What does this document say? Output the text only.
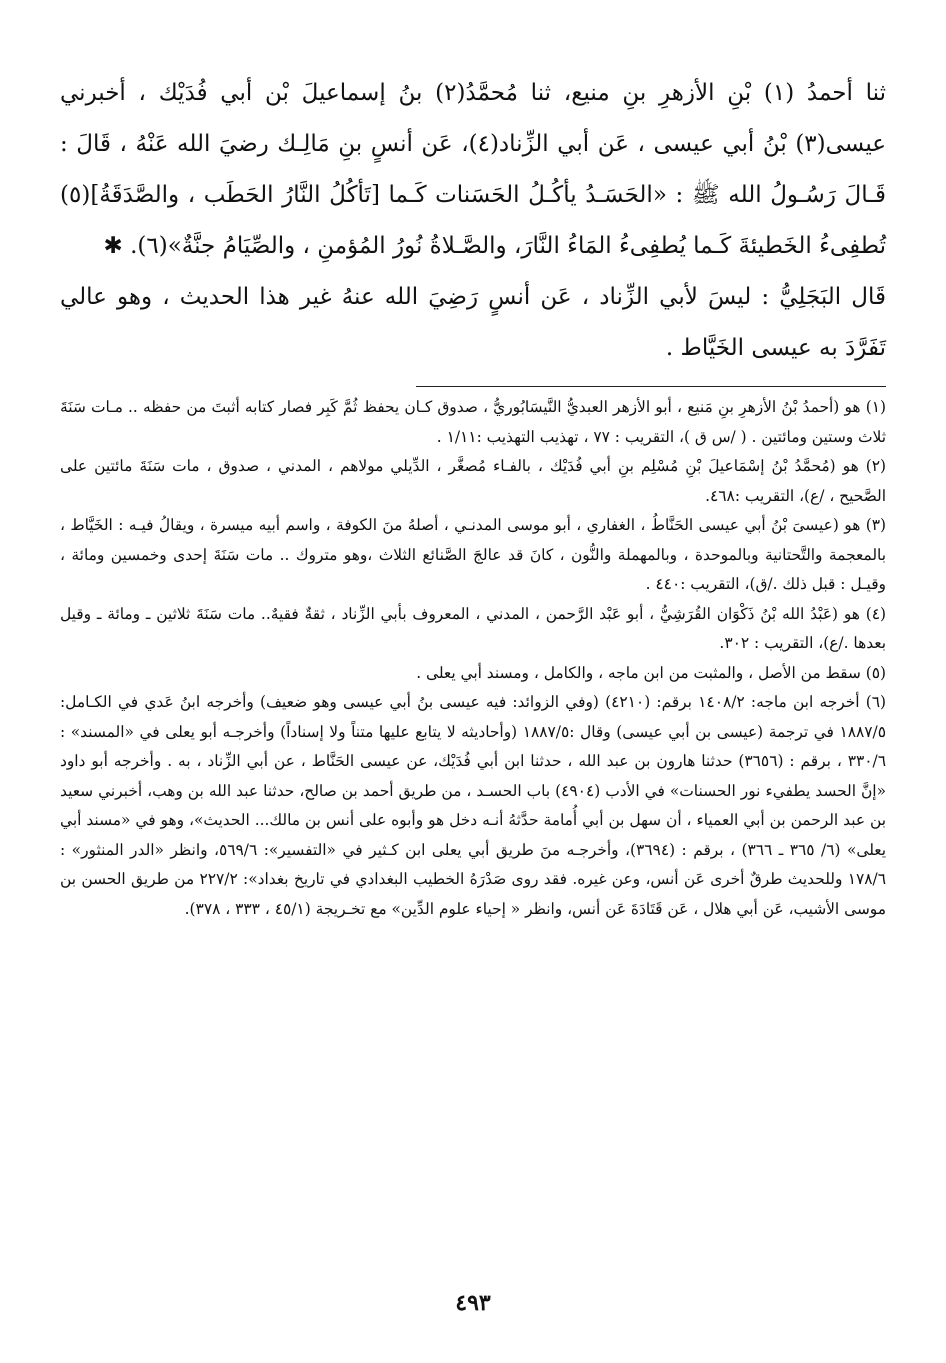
ثنا أحمدُ (١) بْنِ الأزهرِ بنِ منيع، ثنا مُحمَّدُ(٢) بنُ إسماعيلَ بْن أبي فُدَيْك ، أخبرني عيسى(٣) بْنُ أبي عيسى ، عَن أبي الزِّناد(٤)، عَن أنسٍ بنِ مَالِـك رضيَ الله عَنْهُ ، قَالَ : قَـالَ رَسُـولُ الله ﷺ : «الحَسَـدُ يأكُـلُ الحَسَنات كَـما [تَأكُلُ النَّارُ الحَطَب ، والصَّدَقَةُ](٥) تُطفِىءُ الخَطيئةَ كَـما يُطفِىءُ المَاءُ النَّارَ، والصَّـلاةُ نُورُ المُؤمنِ ، والصِّيَامُ جنَّةٌ»(٦). ✱

قَال البَجَلِيُّ : ليسَ لأبي الزِّناد ، عَن أنسٍ رَضِيَ الله عنهُ غير هذا الحديث ، وهو عالي تَفَرَّدَ به عيسى الخَيَّاط .

(١) هو (أحمدُ بْنُ الأزهرِ بنِ مَنيع ، أبو الأزهر العبديُّ النَّيسَابُوريُّ ، صدوق كـان يحفظ ثُمَّ كَبِر فصار كتابه أثبتَ من حفظه .. مـات سَنَةَ ثلاث وستين ومائتين . ( /س ق )، التقريب : ٧٧ ، تهذيب التهذيب :١/١١ .

(٢) هو (مُحمَّدُ بْنُ إسْمَاعيلَ بْنِ مُسْلِم بنِ أبي فُدَيْك ، بالفـاء مُصغَّر ، الدِّيلي مولاهم ، المدني ، صدوق ، مات سَنَةَ مائتين على الصَّحيح ، /ع)، التقريب :٤٦٨.

(٣) هو (عيسىَ بْنُ أبي عيسى الحَنَّاطُ ، الغفاري ، أبو موسى المدنـي ، أصلهُ منَ الكوفة ، واسم أبيه ميسرة ، ويقالُ فيـه : الخَيَّاط ، بالمعجمة والتَّحتانية وبالموحدة ، وبالمهملة والنُّون ، كانَ قد عالجَ الصَّنائع الثلاث ،وهو متروك .. مات سَنَةَ إحدى وخمسين ومائة ، وقيـل : قبل ذلك ./ق)، التقريب :٤٤٠ .

(٤) هو (عَبْدُ الله بْنُ ذَكْوَان القُرَشِيُّ ، أبو عَبْد الرَّحمن ، المدني ، المعروف بأبي الزِّناد ، ثقةٌ فقيهٌ.. مات سَنَةَ ثلاثين ـ ومائة ـ وقيل بعدها ./ع)، التقريب : ٣٠٢.

(٥) سقط من الأصل ، والمثبت من ابن ماجه ، والكامل ، ومسند أبي يعلى .

(٦) أخرجه ابن ماجه: ١٤٠٨/٢ برقم: (٤٢١٠) (وفي الزوائد: فيه عيسى بنُ أبي عيسى وهو ضعيف) وأخرجه ابنُ عَدي في الكـامل: ١٨٨٧/٥ في ترجمة (عيسى بن أبي عيسى) وقال :١٨٨٧/٥ (وأحاديثه لا يتابع عليها متناً ولا إسناداً) وأخرجـه أبو يعلى في «المسند» : ٣٣٠/٦ ، برقم : (٣٦٥٦) حدثنا هارون بن عبد الله ، حدثنا ابن أبي فُدَيْك، عن عيسى الحَنَّاط ، عن أبي الزِّناد ، به . وأخرجه أبو داود «إنَّ الحسد يطفيء نور الحسنات» في الأدب (٤٩٠٤) باب الحسـد ، من طريق أحمد بن صالح، حدثنا عبد الله بن وهب، أخبرني سعيد بن عبد الرحمن بن أبي العمياء ، أن سهل بن أبي أُمامة حدَّثهُ أنـه دخل هو وأبوه على أنس بن مالك... الحديث»، وهو في «مسند أبي يعلى» (٦/ ٣٦٥ ـ ٣٦٦) ، برقم : (٣٦٩٤)، وأخرجـه منَ طريق أبي يعلى ابن كـثير في «التفسير»: ٥٦٩/٦، وانظر «الدر المنثور» : ١٧٨/٦ وللحديث طرقٌ أخرى عَن أنس، وعن غيره. فقد روى صَدْرَهُ الخطيب البغدادي في تاريخ بغداد»: ٢٢٧/٢ من طريق الحسن بن موسى الأشيب، عَن أبي هلال ، عَن قَتَادَةَ عَن أنس، وانظر « إحياء علوم الدِّين» مع تخـريجة (٤٥/١ ، ٣٣٣ ، ٣٧٨).

٤٩٣
